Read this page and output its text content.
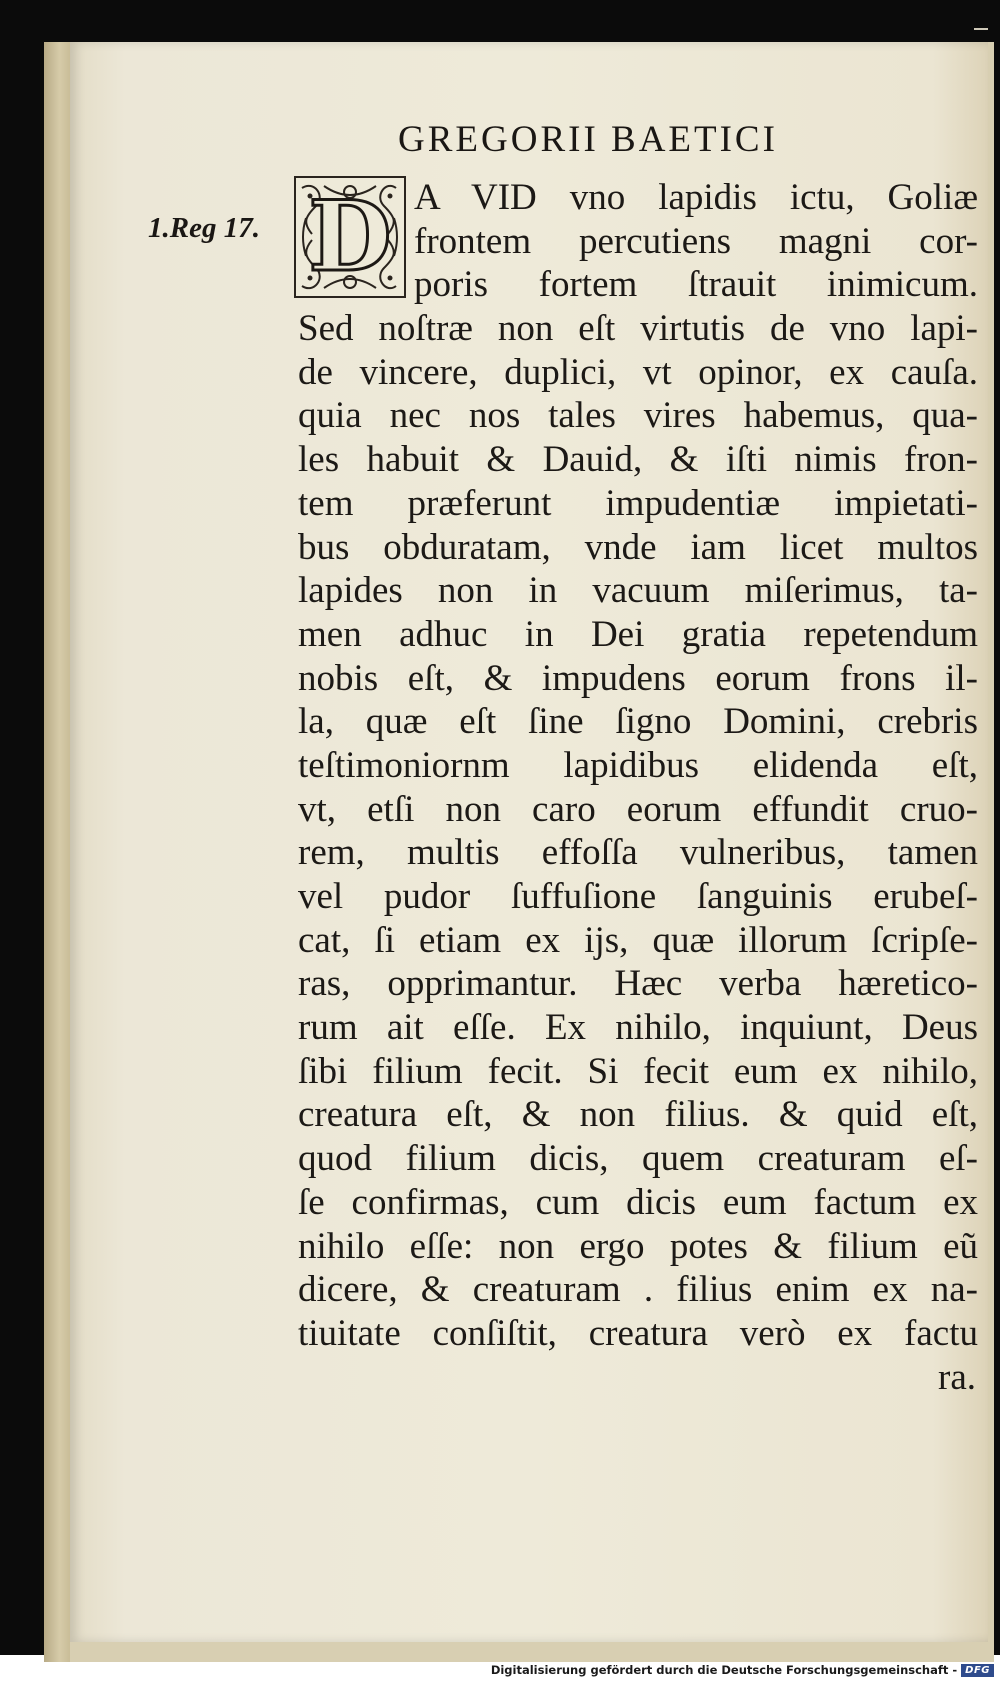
GREGORII BAETICI
1.Reg 17.
A VID vno lapidis ictu, Goliæ
frontem percutiens magni cor-
poris fortem ſtrauit inimicum.
Sed noſtræ non eſt virtutis de vno lapi-
de vincere, duplici, vt opinor, ex cauſa.
quia nec nos tales vires habemus, qua-
les habuit & Dauid, & iſti nimis fron-
tem præferunt impudentiæ impietati-
bus obduratam, vnde iam licet multos
lapides non in vacuum miſerimus, ta-
men adhuc in Dei gratia repetendum
nobis eſt, & impudens eorum frons il-
la, quæ eſt ſine ſigno Domini, crebris
teſtimoniornm lapidibus elidenda eſt,
vt, etſi non caro eorum effundit cruo-
rem, multis effoſſa vulneribus, tamen
vel pudor ſuffuſione ſanguinis erubeſ-
cat, ſi etiam ex ijs, quæ illorum ſcripſe-
ras, opprimantur. Hæc verba hæretico-
rum ait eſſe. Ex nihilo, inquiunt, Deus
ſibi filium fecit. Si fecit eum ex nihilo,
creatura eſt, & non filius. & quid eſt,
quod filium dicis, quem creaturam eſ-
ſe confirmas, cum dicis eum factum ex
nihilo eſſe: non ergo potes & filium eũ
dicere, & creaturam . filius enim ex na-
tiuitate conſiſtit, creatura verò ex factu
ra.
D
Digitalisierung gefördert durch die Deutsche Forschungsgemeinschaft - DFG
